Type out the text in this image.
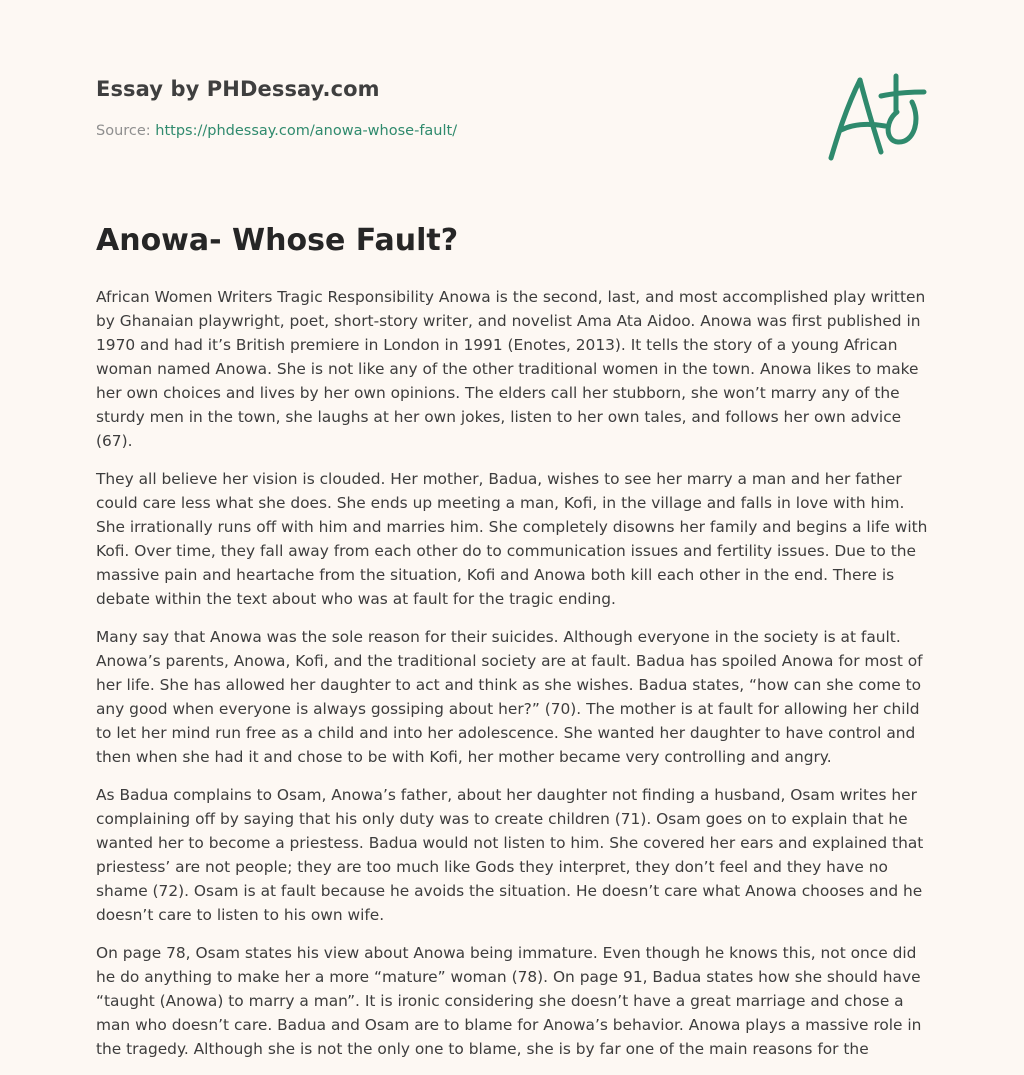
Essay by PHDessay.com
Source: https://phdessay.com/anowa-whose-fault/
Anowa- Whose Fault?

African Women Writers Tragic Responsibility Anowa is the second, last, and most accomplished play written by Ghanaian playwright, poet, short-story writer, and novelist Ama Ata Aidoo. Anowa was first published in 1970 and had it’s British premiere in London in 1991 (Enotes, 2013). It tells the story of a young African woman named Anowa. She is not like any of the other traditional women in the town. Anowa likes to make her own choices and lives by her own opinions. The elders call her stubborn, she won’t marry any of the sturdy men in the town, she laughs at her own jokes, listen to her own tales, and follows her own advice (67).

They all believe her vision is clouded. Her mother, Badua, wishes to see her marry a man and her father could care less what she does. She ends up meeting a man, Kofi, in the village and falls in love with him. She irrationally runs off with him and marries him. She completely disowns her family and begins a life with Kofi. Over time, they fall away from each other do to communication issues and fertility issues. Due to the massive pain and heartache from the situation, Kofi and Anowa both kill each other in the end. There is debate within the text about who was at fault for the tragic ending.

Many say that Anowa was the sole reason for their suicides. Although everyone in the society is at fault. Anowa’s parents, Anowa, Kofi, and the traditional society are at fault. Badua has spoiled Anowa for most of her life. She has allowed her daughter to act and think as she wishes. Badua states, “how can she come to any good when everyone is always gossiping about her?” (70). The mother is at fault for allowing her child to let her mind run free as a child and into her adolescence. She wanted her daughter to have control and then when she had it and chose to be with Kofi, her mother became very controlling and angry.

As Badua complains to Osam, Anowa’s father, about her daughter not finding a husband, Osam writes her complaining off by saying that his only duty was to create children (71). Osam goes on to explain that he wanted her to become a priestess. Badua would not listen to him. She covered her ears and explained that priestess’ are not people; they are too much like Gods they interpret, they don’t feel and they have no shame (72). Osam is at fault because he avoids the situation. He doesn’t care what Anowa chooses and he doesn’t care to listen to his own wife.

On page 78, Osam states his view about Anowa being immature. Even though he knows this, not once did he do anything to make her a more “mature” woman (78). On page 91, Badua states how she should have “taught (Anowa) to marry a man”. It is ironic considering she doesn’t have a great marriage and chose a man who doesn’t care. Badua and Osam are to blame for Anowa’s behavior. Anowa plays a massive role in the tragedy. Although she is not the only one to blame, she is by far one of the main reasons for the
